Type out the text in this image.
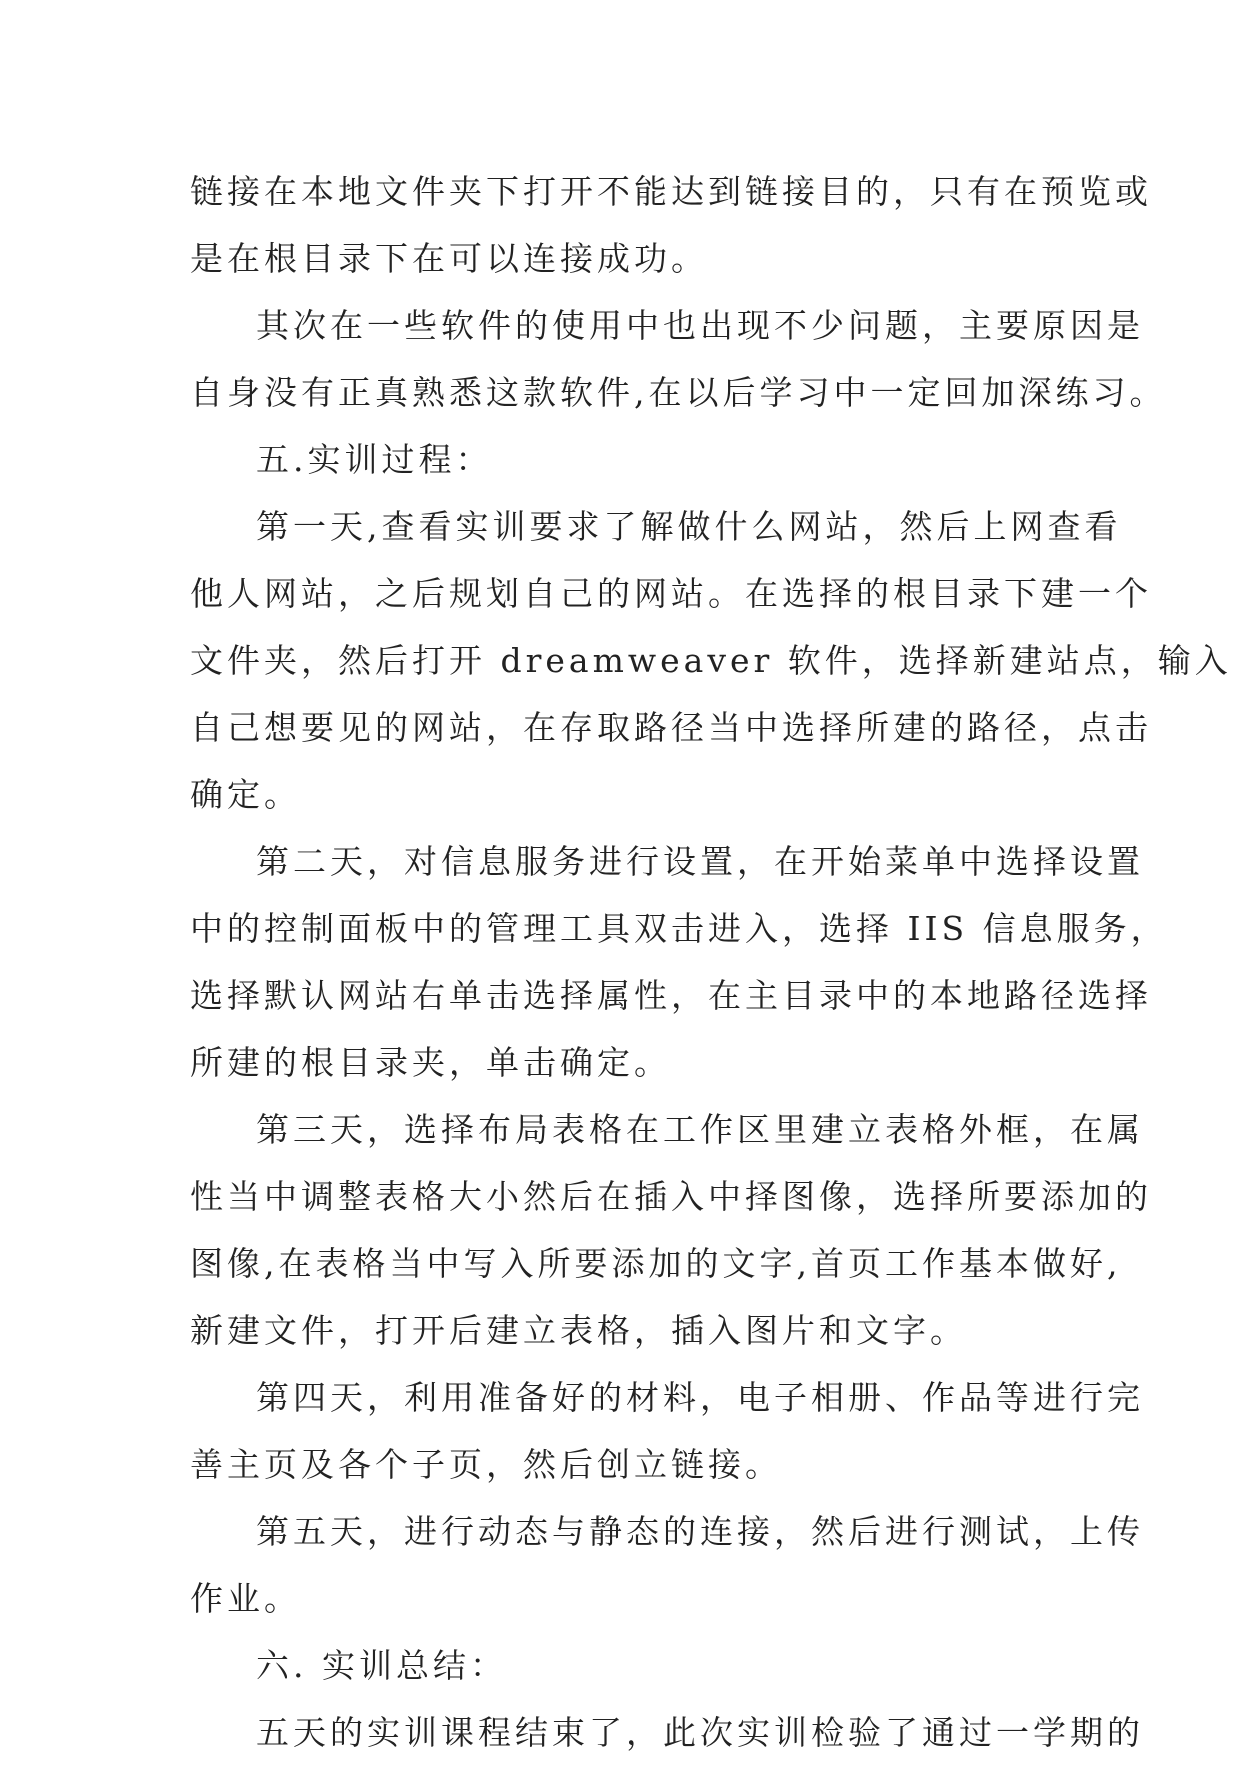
链接在本地文件夹下打开不能达到链接目的，只有在预览或
是在根目录下在可以连接成功。
其次在一些软件的使用中也出现不少问题，主要原因是
自身没有正真熟悉这款软件,在以后学习中一定回加深练习。
五.实训过程：
第一天,查看实训要求了解做什么网站，然后上网查看
他人网站，之后规划自己的网站。在选择的根目录下建一个
文件夹，然后打开 dreamweaver 软件，选择新建站点，输入
自己想要见的网站，在存取路径当中选择所建的路径，点击
确定。
第二天，对信息服务进行设置，在开始菜单中选择设置
中的控制面板中的管理工具双击进入，选择 IIS 信息服务，
选择默认网站右单击选择属性，在主目录中的本地路径选择
所建的根目录夹，单击确定。
第三天，选择布局表格在工作区里建立表格外框，在属
性当中调整表格大小然后在插入中择图像，选择所要添加的
图像,在表格当中写入所要添加的文字,首页工作基本做好,
新建文件，打开后建立表格，插入图片和文字。
第四天，利用准备好的材料，电子相册、作品等进行完
善主页及各个子页，然后创立链接。
第五天，进行动态与静态的连接，然后进行测试，上传
作业。
六. 实训总结：
五天的实训课程结束了，此次实训检验了通过一学期的
